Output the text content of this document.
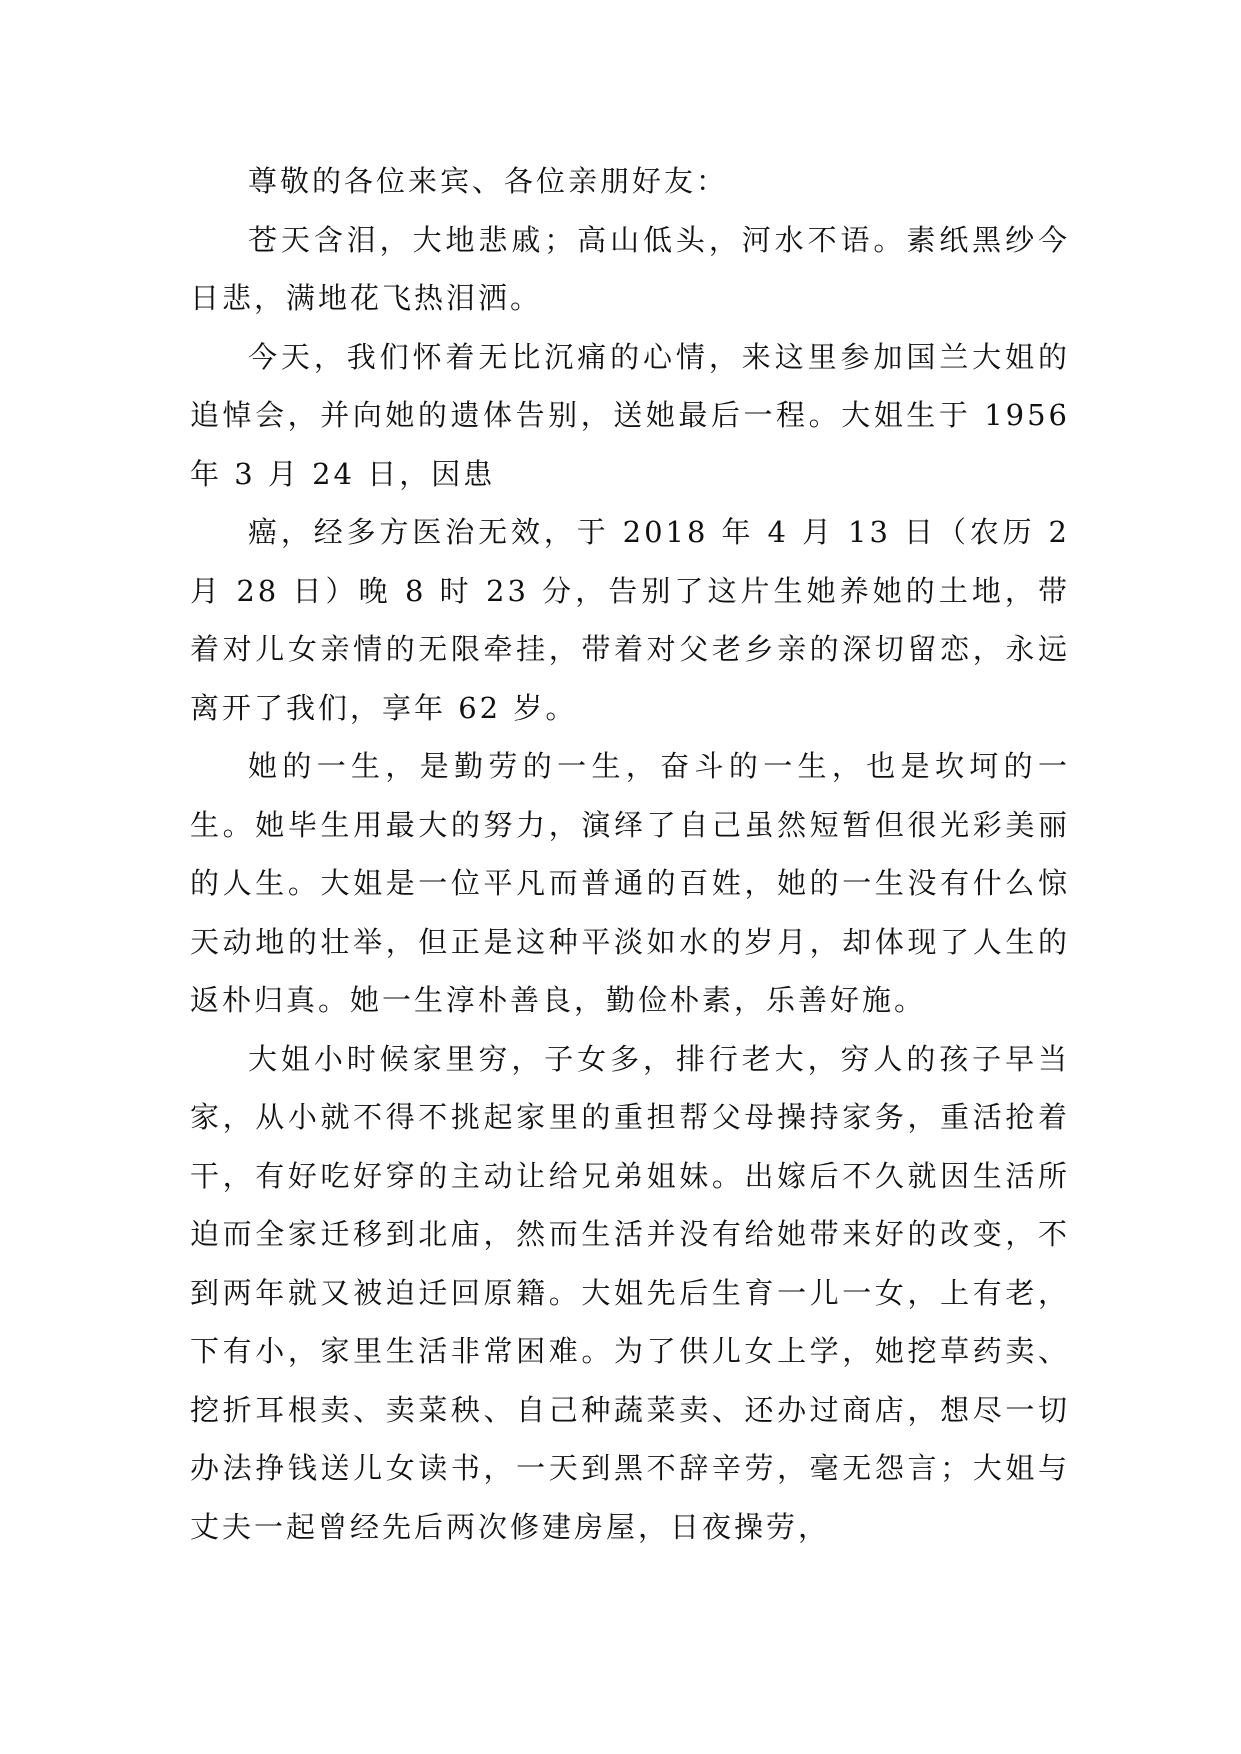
尊敬的各位来宾、各位亲朋好友：

苍天含泪，大地悲戚；高山低头，河水不语。素纸黑纱今日悲，满地花飞热泪洒。

今天，我们怀着无比沉痛的心情，来这里参加国兰大姐的追悼会，并向她的遗体告别，送她最后一程。大姐生于 1956 年 3 月 24 日，因患

癌，经多方医治无效，于 2018 年 4 月 13 日（农历 2 月 28 日）晚 8 时 23 分，告别了这片生她养她的土地，带着对儿女亲情的无限牵挂，带着对父老乡亲的深切留恋，永远离开了我们，享年 62 岁。

她的一生，是勤劳的一生，奋斗的一生，也是坎坷的一生。她毕生用最大的努力，演绎了自己虽然短暂但很光彩美丽的人生。大姐是一位平凡而普通的百姓，她的一生没有什么惊天动地的壮举，但正是这种平淡如水的岁月，却体现了人生的返朴归真。她一生淳朴善良，勤俭朴素，乐善好施。

大姐小时候家里穷，子女多，排行老大，穷人的孩子早当家，从小就不得不挑起家里的重担帮父母操持家务，重活抢着干，有好吃好穿的主动让给兄弟姐妹。出嫁后不久就因生活所迫而全家迁移到北庙，然而生活并没有给她带来好的改变，不到两年就又被迫迁回原籍。大姐先后生育一儿一女，上有老，下有小，家里生活非常困难。为了供儿女上学，她挖草药卖、挖折耳根卖、卖菜秧、自己种蔬菜卖、还办过商店，想尽一切办法挣钱送儿女读书，一天到黑不辞辛劳，毫无怨言；大姐与丈夫一起曾经先后两次修建房屋，日夜操劳，
